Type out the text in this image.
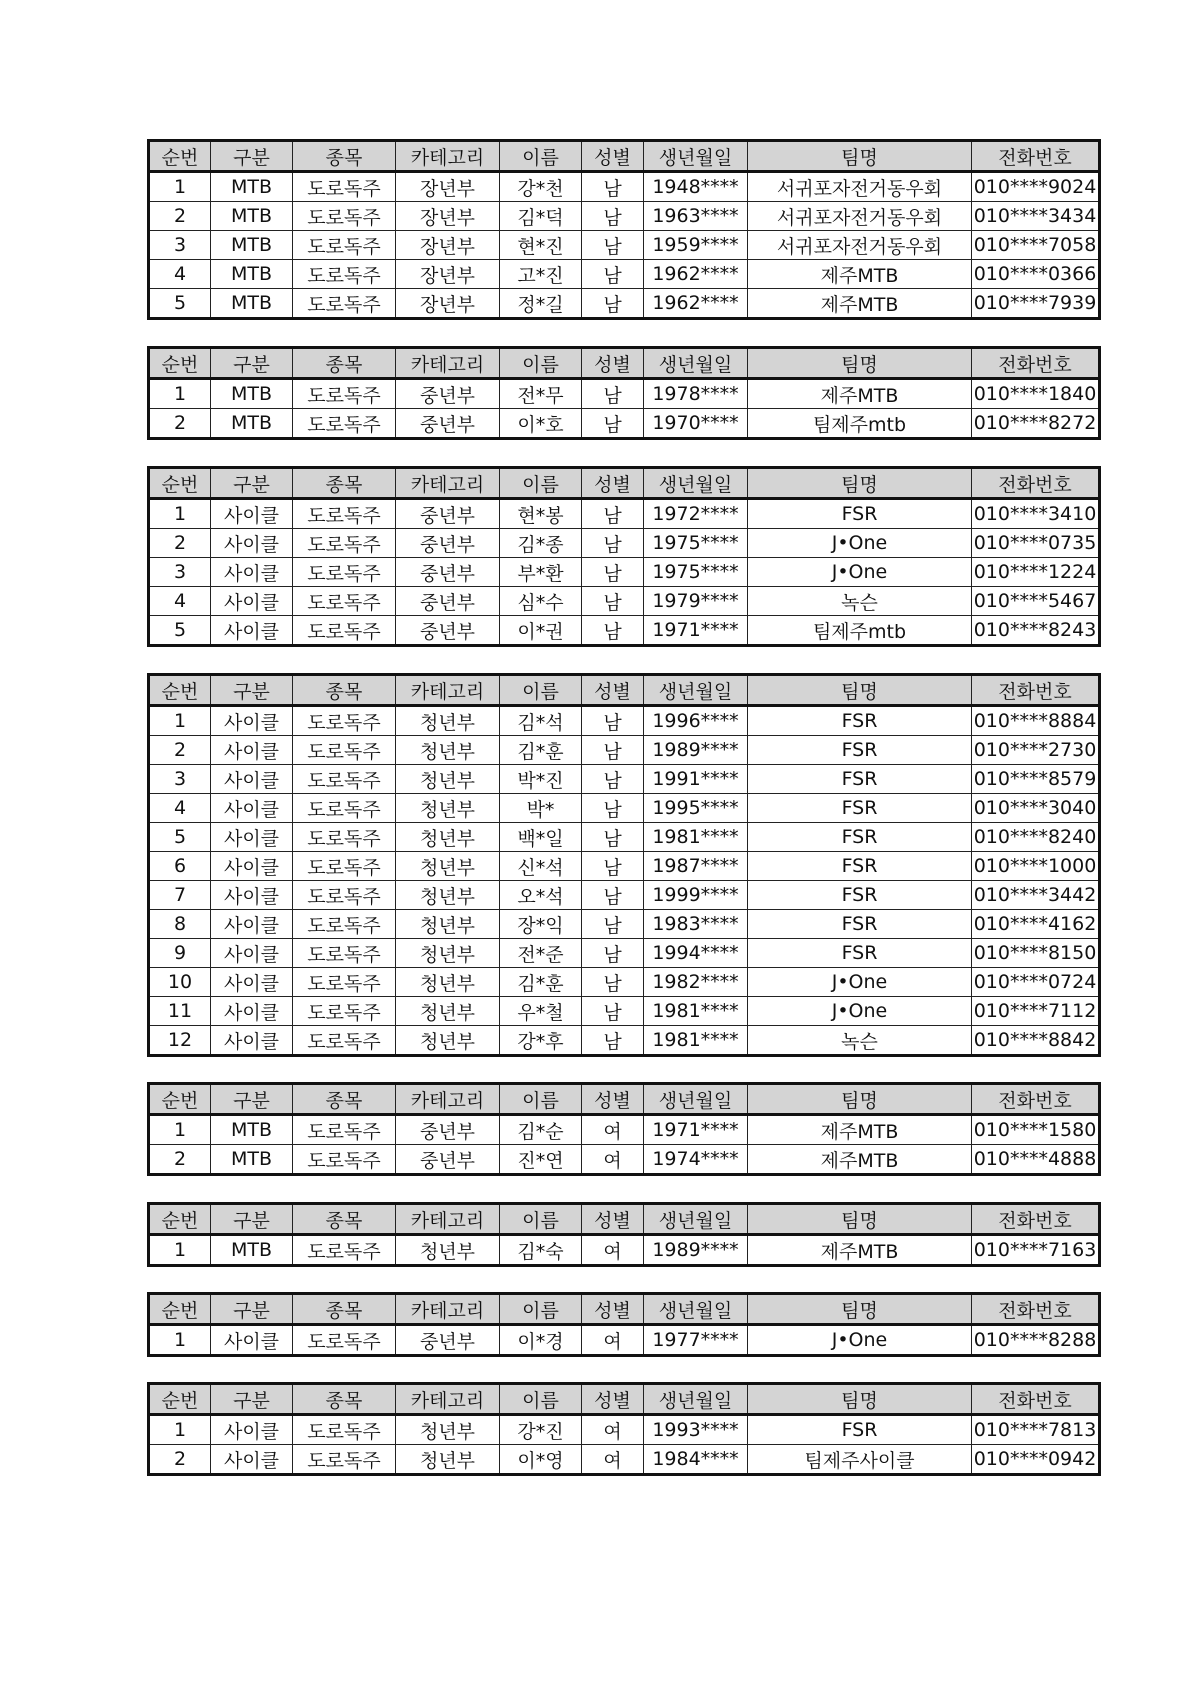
순번	구분	종목	카테고리	이름	성별	생년월일	팀명	전화번호
1	MTB	도로독주	장년부	강*천	남	1948****	서귀포자전거동우회	010****9024
2	MTB	도로독주	장년부	김*덕	남	1963****	서귀포자전거동우회	010****3434
3	MTB	도로독주	장년부	현*진	남	1959****	서귀포자전거동우회	010****7058
4	MTB	도로독주	장년부	고*진	남	1962****	제주MTB	010****0366
5	MTB	도로독주	장년부	정*길	남	1962****	제주MTB	010****7939
순번	구분	종목	카테고리	이름	성별	생년월일	팀명	전화번호
1	MTB	도로독주	중년부	전*무	남	1978****	제주MTB	010****1840
2	MTB	도로독주	중년부	이*호	남	1970****	팀제주mtb	010****8272
순번	구분	종목	카테고리	이름	성별	생년월일	팀명	전화번호
1	사이클	도로독주	중년부	현*봉	남	1972****	FSR	010****3410
2	사이클	도로독주	중년부	김*종	남	1975****	J•One	010****0735
3	사이클	도로독주	중년부	부*환	남	1975****	J•One	010****1224
4	사이클	도로독주	중년부	심*수	남	1979****	녹슨	010****5467
5	사이클	도로독주	중년부	이*권	남	1971****	팀제주mtb	010****8243
순번	구분	종목	카테고리	이름	성별	생년월일	팀명	전화번호
1	사이클	도로독주	청년부	김*석	남	1996****	FSR	010****8884
2	사이클	도로독주	청년부	김*훈	남	1989****	FSR	010****2730
3	사이클	도로독주	청년부	박*진	남	1991****	FSR	010****8579
4	사이클	도로독주	청년부	박*	남	1995****	FSR	010****3040
5	사이클	도로독주	청년부	백*일	남	1981****	FSR	010****8240
6	사이클	도로독주	청년부	신*석	남	1987****	FSR	010****1000
7	사이클	도로독주	청년부	오*석	남	1999****	FSR	010****3442
8	사이클	도로독주	청년부	장*익	남	1983****	FSR	010****4162
9	사이클	도로독주	청년부	전*준	남	1994****	FSR	010****8150
10	사이클	도로독주	청년부	김*훈	남	1982****	J•One	010****0724
11	사이클	도로독주	청년부	우*철	남	1981****	J•One	010****7112
12	사이클	도로독주	청년부	강*후	남	1981****	녹슨	010****8842
순번	구분	종목	카테고리	이름	성별	생년월일	팀명	전화번호
1	MTB	도로독주	중년부	김*순	여	1971****	제주MTB	010****1580
2	MTB	도로독주	중년부	진*연	여	1974****	제주MTB	010****4888
순번	구분	종목	카테고리	이름	성별	생년월일	팀명	전화번호
1	MTB	도로독주	청년부	김*숙	여	1989****	제주MTB	010****7163
순번	구분	종목	카테고리	이름	성별	생년월일	팀명	전화번호
1	사이클	도로독주	중년부	이*경	여	1977****	J•One	010****8288
순번	구분	종목	카테고리	이름	성별	생년월일	팀명	전화번호
1	사이클	도로독주	청년부	강*진	여	1993****	FSR	010****7813
2	사이클	도로독주	청년부	이*영	여	1984****	팀제주사이클	010****0942
